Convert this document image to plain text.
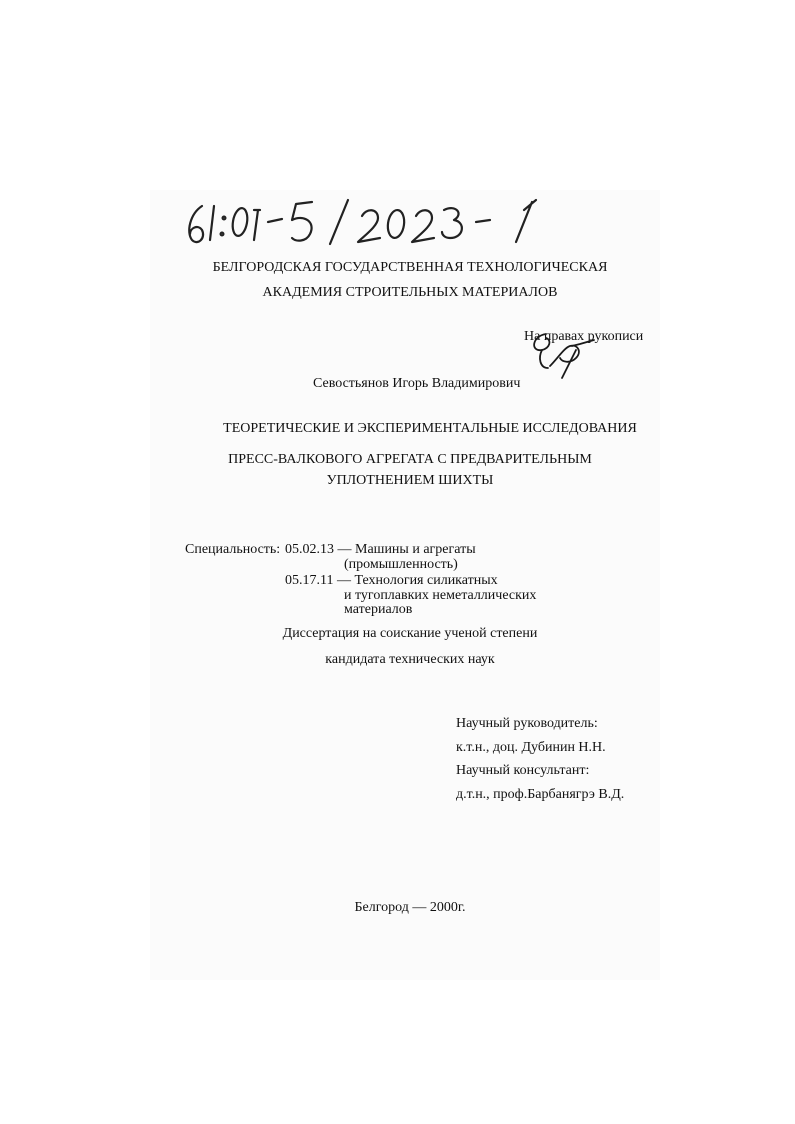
БЕЛГОРОДСКАЯ ГОСУДАРСТВЕННАЯ ТЕХНОЛОГИЧЕСКАЯ
АКАДЕМИЯ СТРОИТЕЛЬНЫХ МАТЕРИАЛОВ
На правах рукописи
Севостьянов Игорь Владимирович
ТЕОРЕТИЧЕСКИЕ И ЭКСПЕРИМЕНТАЛЬНЫЕ ИССЛЕДОВАНИЯ
ПРЕСС-ВАЛКОВОГО АГРЕГАТА С ПРЕДВАРИТЕЛЬНЫМ
УПЛОТНЕНИЕМ ШИХТЫ
Специальность: 05.02.13 — Машины и агрегаты
(промышленность)
05.17.11 — Технология силикатных
и тугоплавких неметаллических
материалов
Диссертация на соискание ученой степени
кандидата технических наук
Научный руководитель:
к.т.н., доц. Дубинин Н.Н.
Научный консультант:
д.т.н., проф.Барбанягрэ В.Д.
Белгород — 2000г.
